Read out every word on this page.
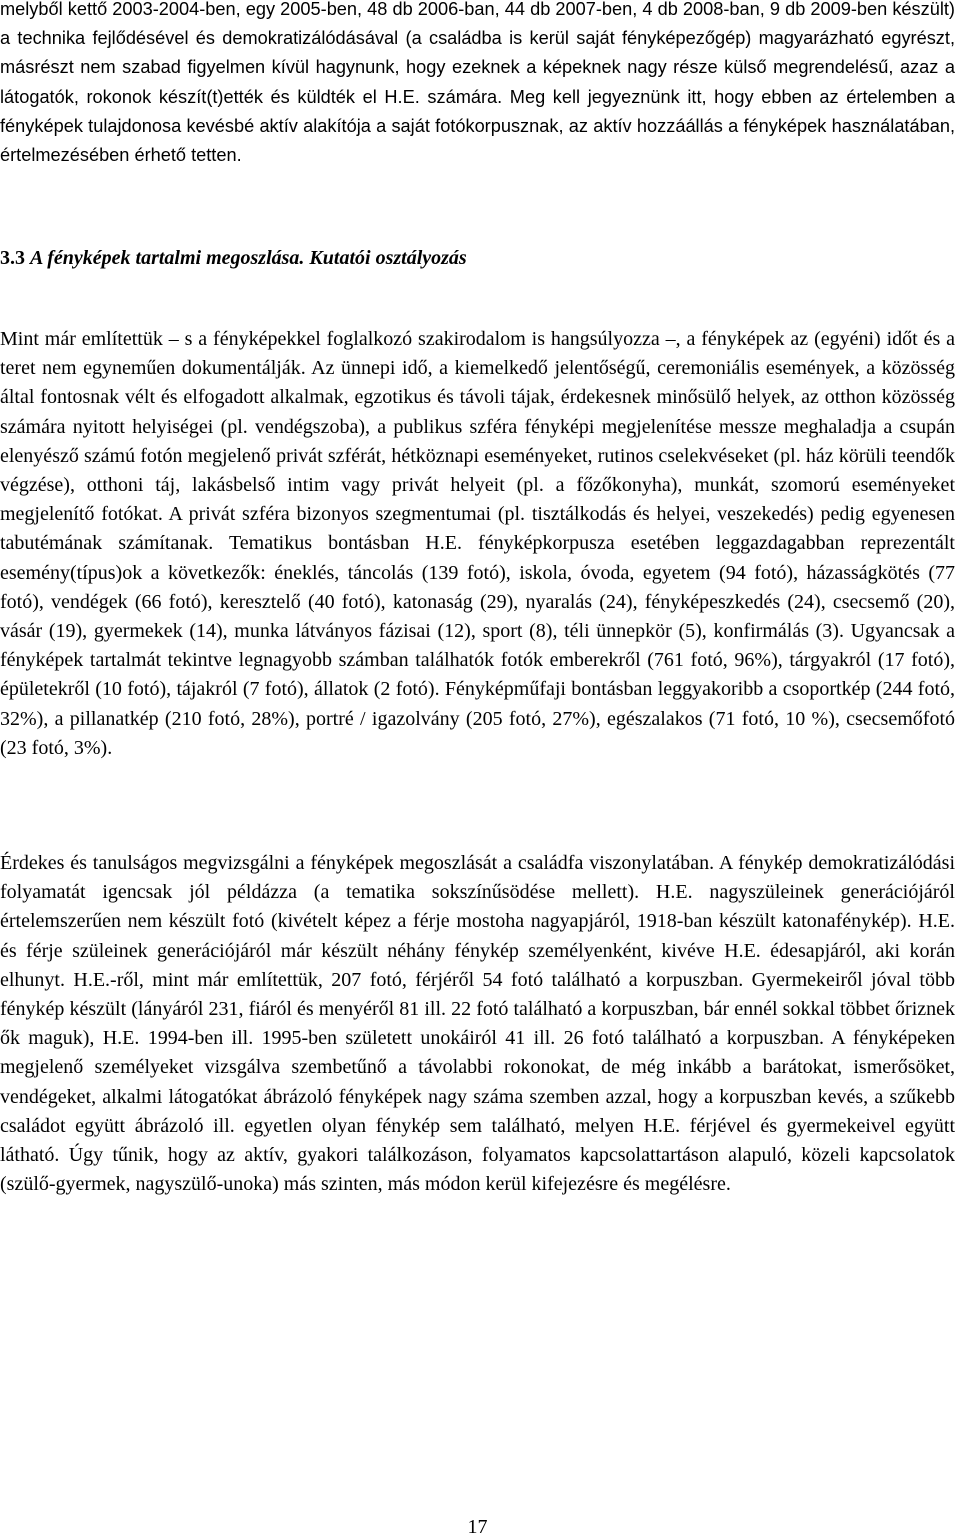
melyből kettő 2003-2004-ben, egy 2005-ben, 48 db 2006-ban, 44 db 2007-ben, 4 db 2008-ban, 9 db 2009-ben készült) a technika fejlődésével és demokratizálódásával (a családba is kerül saját fényképezőgép) magyarázható egyrészt, másrészt nem szabad figyelmen kívül hagynunk, hogy ezeknek a képeknek nagy része külső megrendelésű, azaz a látogatók, rokonok készít(t)ették és küldték el H.E. számára. Meg kell jegyeznünk itt, hogy ebben az értelemben a fényképek tulajdonosa kevésbé aktív alakítója a saját fotókorpusznak, az aktív hozzáállás a fényképek használatában, értelmezésében érhető tetten.

3.3 A fényképek tartalmi megoszlása. Kutatói osztályozás

Mint már említettük – s a fényképekkel foglalkozó szakirodalom is hangsúlyozza –, a fényképek az (egyéni) időt és a teret nem egyneműen dokumentálják. Az ünnepi idő, a kiemelkedő jelentőségű, ceremoniális események, a közösség által fontosnak vélt és elfogadott alkalmak, egzotikus és távoli tájak, érdekesnek minősülő helyek, az otthon közösség számára nyitott helyiségei (pl. vendégszoba), a publikus szféra fényképi megjelenítése messze meghaladja a csupán elenyésző számú fotón megjelenő privát szférát, hétköznapi eseményeket, rutinos cselekvéseket (pl. ház körüli teendők végzése), otthoni táj, lakásbelső intim vagy privát helyeit (pl. a főzőkonyha), munkát, szomorú eseményeket megjelenítő fotókat. A privát szféra bizonyos szegmentumai (pl. tisztálkodás és helyei, veszekedés) pedig egyenesen tabutémának számítanak. Tematikus bontásban H.E. fényképkorpusza esetében leggazdagabban reprezentált esemény(típus)ok a következők: éneklés, táncolás (139 fotó), iskola, óvoda, egyetem (94 fotó), házasságkötés (77 fotó), vendégek (66 fotó), keresztelő (40 fotó), katonaság (29), nyaralás (24), fényképeszkedés (24), csecsemő (20), vásár (19), gyermekek (14), munka látványos fázisai (12), sport (8), téli ünnepkör (5), konfirmálás (3). Ugyancsak a fényképek tartalmát tekintve legnagyobb számban találhatók fotók emberekről (761 fotó, 96%), tárgyakról (17 fotó), épületekről (10 fotó), tájakról (7 fotó), állatok (2 fotó). Fényképműfaji bontásban leggyakoribb a csoportkép (244 fotó, 32%), a pillanatkép (210 fotó, 28%), portré / igazolvány (205 fotó, 27%), egészalakos (71 fotó, 10 %), csecsemőfotó (23 fotó, 3%).

Érdekes és tanulságos megvizsgálni a fényképek megoszlását a családfa viszonylatában. A fénykép demokratizálódási folyamatát igencsak jól példázza (a tematika sokszínűsödése mellett). H.E. nagyszüleinek generációjáról értelemszerűen nem készült fotó (kivételt képez a férje mostoha nagyapjáról, 1918-ban készült katonafénykép). H.E. és férje szüleinek generációjáról már készült néhány fénykép személyenként, kivéve H.E. édesapjáról, aki korán elhunyt. H.E.-ről, mint már említettük, 207 fotó, férjéről 54 fotó található a korpuszban. Gyermekeiről jóval több fénykép készült (lányáról 231, fiáról és menyéről 81 ill. 22 fotó található a korpuszban, bár ennél sokkal többet őriznek ők maguk), H.E. 1994-ben ill. 1995-ben született unokáiról 41 ill. 26 fotó található a korpuszban. A fényképeken megjelenő személyeket vizsgálva szembetűnő a távolabbi rokonokat, de még inkább a barátokat, ismerősöket, vendégeket, alkalmi látogatókat ábrázoló fényképek nagy száma szemben azzal, hogy a korpuszban kevés, a szűkebb családot együtt ábrázoló ill. egyetlen olyan fénykép sem található, melyen H.E. férjével és gyermekeivel együtt látható. Úgy tűnik, hogy az aktív, gyakori találkozáson, folyamatos kapcsolattartáson alapuló, közeli kapcsolatok (szülő-gyermek, nagyszülő-unoka) más szinten, más módon kerül kifejezésre és megélésre.

17
